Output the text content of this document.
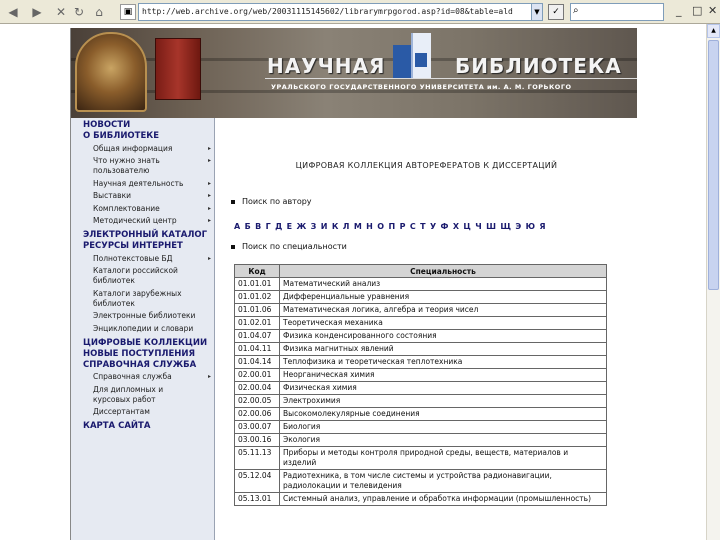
◀	▶	✕ ↻ ⌂	▣	http://web.archive.org/web/20031115145602/librarymrpgorod.asp?id=08&table=ald	▼	✓	⌕	_ □ ✕
▲
НАУЧНАЯ	БИБЛИОТЕКА
УРАЛЬСКОГО ГОСУДАРСТВЕННОГО УНИВЕРСИТЕТА им. А. М. ГОРЬКОГО
НОВОСТИ
О БИБЛИОТЕКЕ
Общая информация	▸
Что нужно знать пользователю
▸
Научная деятельность	▸
Выставки	▸
Комплектование	▸
Методический центр	▸
ЭЛЕКТРОННЫЙ КАТАЛОГ
РЕСУРСЫ ИНТЕРНЕТ
Полнотекстовые БД	▸
Каталоги российской библиотек
Каталоги зарубежных библиотек
Электронные библиотеки
Энциклопедии и словари
ЦИФРОВЫЕ КОЛЛЕКЦИИ
НОВЫЕ ПОСТУПЛЕНИЯ
СПРАВОЧНАЯ СЛУЖБА
Справочная служба	▸
Для дипломных и курсовых работ
Диссертантам
КАРТА САЙТА
ЦИФРОВАЯ КОЛЛЕКЦИЯ АВТОРЕФЕРАТОВ К ДИССЕРТАЦИЙ
Поиск по автору
А Б В Г Д Е Ж З И К Л М Н О П Р С Т У Ф Х Ц Ч Ш Щ Э Ю Я
Поиск по специальности
Код	Специальность
01.01.01	Математический анализ
01.01.02	Дифференциальные уравнения
01.01.06	Математическая логика, алгебра и теория чисел
01.02.01	Теоретическая механика
01.04.07	Физика конденсированного состояния
01.04.11	Физика магнитных явлений
01.04.14	Теплофизика и теоретическая теплотехника
02.00.01	Неорганическая химия
02.00.04	Физическая химия
02.00.05	Электрохимия
02.00.06	Высокомолекулярные соединения
03.00.07	Биология
03.00.16	Экология
05.11.13	Приборы и методы контроля природной среды, веществ, материалов и изделий
05.12.04	Радиотехника, в том числе системы и устройства радионавигации, радиолокации и телевидения
05.13.01	Системный анализ, управление и обработка информации (промышленность)
